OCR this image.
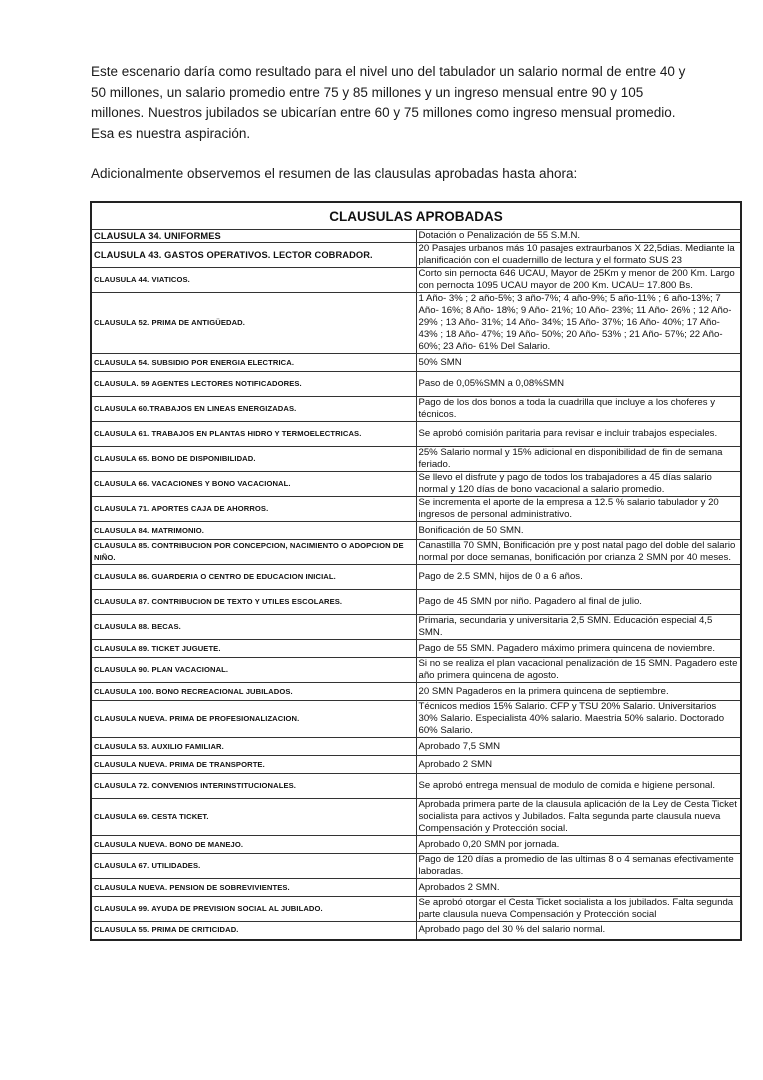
Este escenario daría como resultado para el nivel uno del tabulador un salario normal de entre 40 y 50 millones, un salario promedio entre 75 y 85 millones y un ingreso mensual entre 90 y 105 millones. Nuestros jubilados se ubicarían entre 60 y 75 millones como ingreso mensual promedio. Esa es nuestra aspiración.

Adicionalmente observemos el resumen de las clausulas aprobadas hasta ahora:

CLAUSULAS APROBADAS	
CLAUSULA 34. UNIFORMES	Dotación o Penalización de 55 S.M.N.
CLAUSULA 43. GASTOS OPERATIVOS. LECTOR COBRADOR.	20 Pasajes urbanos más 10 pasajes extraurbanos X 22,5dias. Mediante la planificación con el cuadernillo de lectura y el formato SUS 23
CLAUSULA 44. VIATICOS.	Corto sin pernocta 646 UCAU, Mayor de 25Km y menor de 200 Km. Largo con pernocta 1095 UCAU mayor de 200 Km. UCAU= 17.800 Bs.
CLAUSULA 52. PRIMA DE ANTIGÜEDAD.	1 Año- 3% ; 2 año-5%; 3 año-7%; 4 año-9%; 5 año-11% ; 6 año-13%; 7 Año- 16%; 8 Año- 18%; 9 Año- 21%; 10 Año- 23%; 11 Año- 26% ; 12 Año- 29% ; 13 Año- 31%; 14 Año- 34%; 15 Año- 37%; 16 Año- 40%; 17 Año- 43% ; 18 Año- 47%; 19 Año- 50%; 20 Año- 53% ; 21 Año- 57%; 22 Año- 60%; 23 Año- 61% Del Salario.
CLAUSULA 54. SUBSIDIO POR ENERGIA ELECTRICA.	50% SMN
CLAUSULA. 59 AGENTES LECTORES NOTIFICADORES.	Paso de 0,05%SMN a 0,08%SMN
CLAUSULA 60.TRABAJOS EN LINEAS ENERGIZADAS.	Pago de los dos bonos a toda la cuadrilla que incluye a los choferes y técnicos.
CLAUSULA 61. TRABAJOS EN PLANTAS HIDRO Y TERMOELECTRICAS.	Se aprobó comisión paritaria para revisar e incluir trabajos especiales.
CLAUSULA 65. BONO DE DISPONIBILIDAD.	25% Salario normal y 15% adicional en disponibilidad de fin de semana feriado.
CLAUSULA 66. VACACIONES Y BONO VACACIONAL.	Se llevo el disfrute y pago de todos los trabajadores a 45 días salario normal y 120 días de bono vacacional a salario promedio.
CLAUSULA 71. APORTES CAJA DE AHORROS.	Se incrementa el aporte de la empresa a 12.5 % salario tabulador y 20 ingresos de personal administrativo.
CLAUSULA 84. MATRIMONIO.	Bonificación de 50 SMN.
CLAUSULA 85. CONTRIBUCION POR CONCEPCION, NACIMIENTO O ADOPCION DE NIÑO.	Canastilla 70 SMN, Bonificación pre y post natal pago del doble del salario normal por doce semanas, bonificación por crianza 2 SMN por 40 meses.
CLAUSULA 86. GUARDERIA O CENTRO DE EDUCACION INICIAL.	Pago de 2.5 SMN, hijos de 0 a 6 años.
CLAUSULA 87. CONTRIBUCION DE TEXTO Y UTILES ESCOLARES.	Pago de 45 SMN por niño. Pagadero al final de julio.
CLAUSULA 88. BECAS.	Primaria, secundaria y universitaria 2,5 SMN. Educación especial 4,5 SMN.
CLAUSULA 89. TICKET JUGUETE.	Pago de 55 SMN. Pagadero máximo primera quincena de noviembre.
CLAUSULA 90. PLAN VACACIONAL.	Si no se realiza el plan vacacional penalización de 15 SMN. Pagadero este año primera quincena de agosto.
CLAUSULA 100. BONO RECREACIONAL JUBILADOS.	20 SMN Pagaderos en la primera quincena de septiembre.
CLAUSULA NUEVA. PRIMA DE PROFESIONALIZACION.	Técnicos medios 15% Salario. CFP y TSU 20% Salario. Universitarios 30% Salario. Especialista 40% salario. Maestria 50% salario. Doctorado 60% Salario.
CLAUSULA 53. AUXILIO FAMILIAR.	Aprobado 7,5 SMN
CLAUSULA NUEVA. PRIMA DE TRANSPORTE.	Aprobado 2 SMN
CLAUSULA 72. CONVENIOS INTERINSTITUCIONALES.	Se aprobó entrega mensual de modulo de comida e higiene personal.
CLAUSULA 69. CESTA TICKET.	Aprobada primera parte de la clausula aplicación de la Ley de Cesta Ticket socialista para activos y Jubilados. Falta segunda parte clausula nueva Compensación y Protección social.
CLAUSULA NUEVA. BONO DE MANEJO.	Aprobado 0,20 SMN por jornada.
CLAUSULA 67. UTILIDADES.	Pago de 120 días a promedio de las ultimas 8 o 4 semanas efectivamente laboradas.
CLAUSULA NUEVA. PENSION DE SOBREVIVIENTES.	Aprobados 2 SMN.
CLAUSULA 99. AYUDA DE PREVISION SOCIAL AL JUBILADO.	Se aprobó otorgar el Cesta Ticket socialista a los jubilados. Falta segunda parte clausula nueva Compensación y Protección social
CLAUSULA 55. PRIMA DE CRITICIDAD.	Aprobado pago del 30 % del salario normal.
